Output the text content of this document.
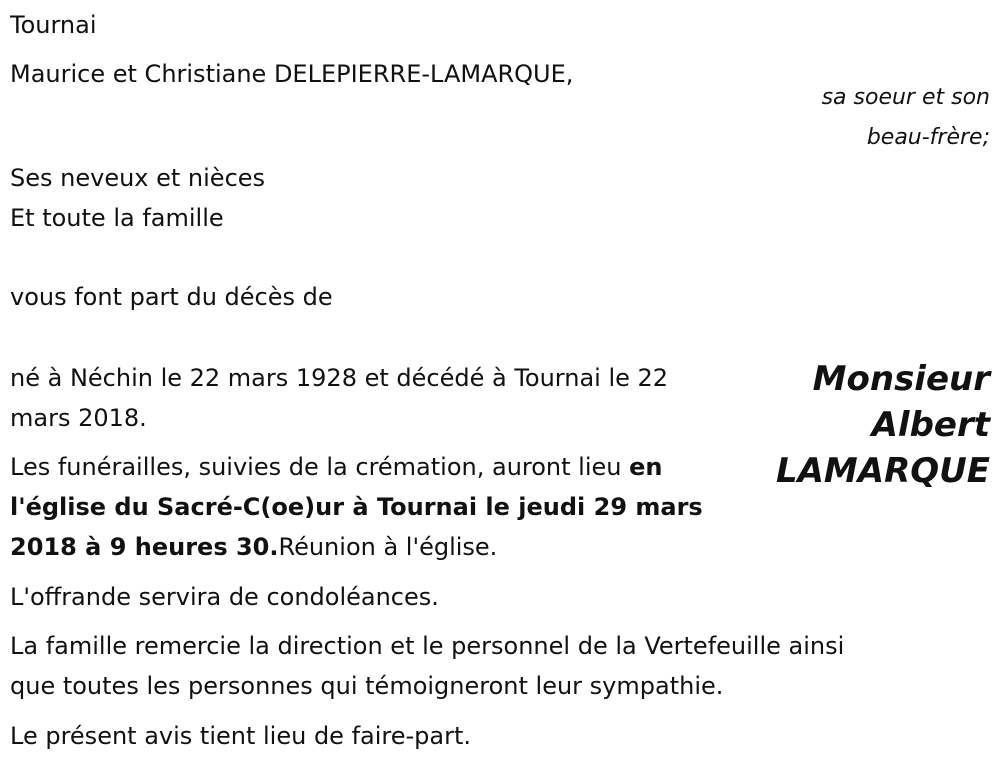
Tournai
Maurice et Christiane DELEPIERRE-LAMARQUE,
sa soeur et son
beau-frère;
Ses neveux et nièces
Et toute la famille
vous font part du décès de
Monsieur
Albert
LAMARQUE
né à Néchin le 22 mars 1928 et décédé à Tournai le 22
mars 2018.
Les funérailles, suivies de la crémation, auront lieu en
l'église du Sacré-C(oe)ur à Tournai le jeudi 29 mars
2018 à 9 heures 30.Réunion à l'église.
L'offrande servira de condoléances.
La famille remercie la direction et le personnel de la Vertefeuille ainsi
que toutes les personnes qui témoigneront leur sympathie.
Le présent avis tient lieu de faire-part.
